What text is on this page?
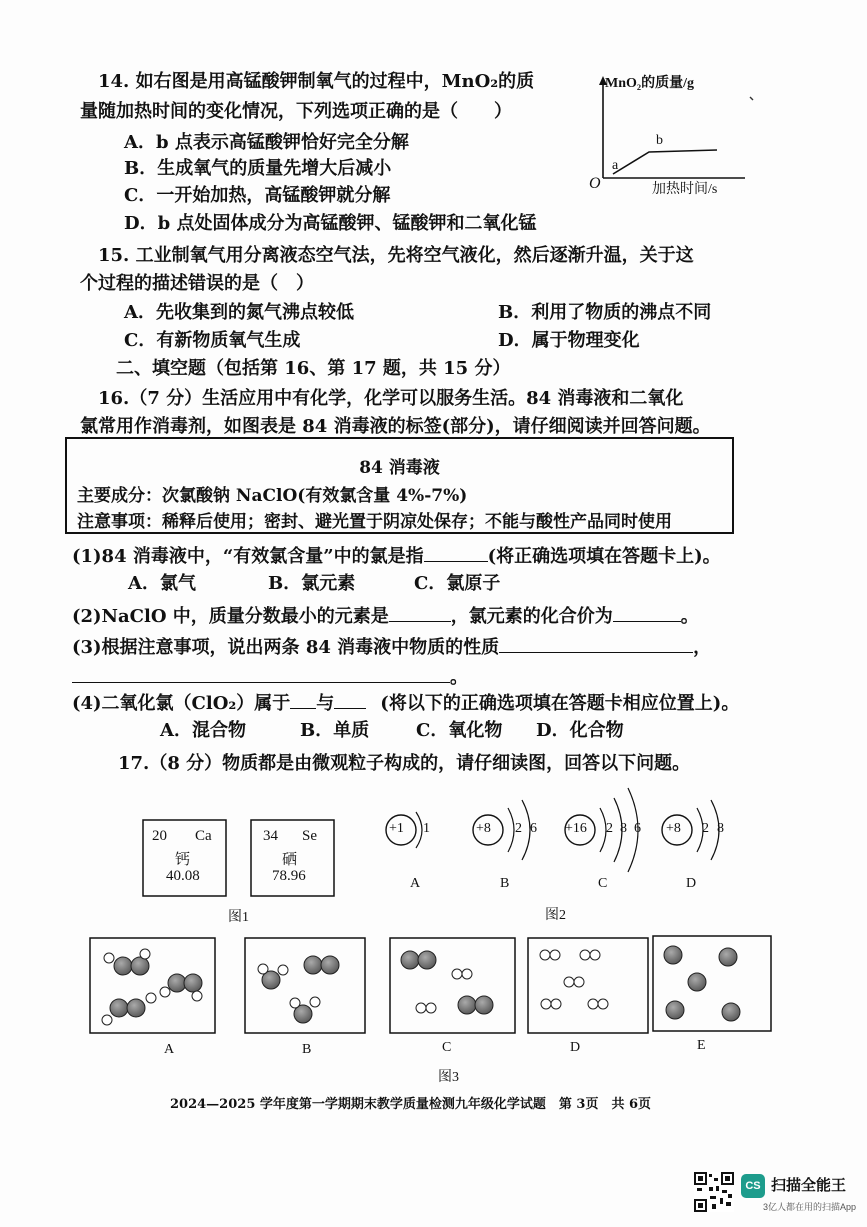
14. 如右图是用高锰酸钾制氧气的过程中，MnO₂的质
量随加热时间的变化情况，下列选项正确的是（　　）
A．b 点表示高锰酸钾恰好完全分解
B．生成氧气的质量先增大后减小
C．一开始加热，高锰酸钾就分解
D．b 点处固体成分为高锰酸钾、锰酸钾和二氧化锰
MnO₂的质量/g
加热时间/s
O
a
b
15. 工业制氧气用分离液态空气法，先将空气液化，然后逐渐升温，关于这
个过程的描述错误的是（　）
A．先收集到的氮气沸点较低	B．利用了物质的沸点不同
C．有新物质氧气生成	D．属于物理变化
二、填空题（包括第 16、第 17 题，共 15 分）
16.（7 分）生活应用中有化学，化学可以服务生活。84 消毒液和二氧化
氯常用作消毒剂，如图表是 84 消毒液的标签(部分)，请仔细阅读并回答问题。
84 消毒液
主要成分：次氯酸钠 NaClO(有效氯含量 4%-7%)
注意事项：稀释后使用；密封、避光置于阴凉处保存；不能与酸性产品同时使用
(1)84 消毒液中，“有效氯含量”中的氯是指	(将正确选项填在答题卡上)。
A．氯气	B．氯元素	C．氯原子
(2)NaClO 中，质量分数最小的元素是	，氯元素的化合价为	。
(3)根据注意事项，说出两条 84 消毒液中物质的性质	，
。
(4)二氧化氯（ClO₂）属于 与	(将以下的正确选项填在答题卡相应位置上)。
A．混合物	B．单质	C．氧化物 D．化合物
17.（8 分）物质都是由微观粒子构成的，请仔细读图，回答以下问题。
20 Ca
钙
40.08
34 Se
硒
78.96
图1
+1 1	+8 2 6 +16 2 8 6 +8 2 8
A	B	C	D
图2
A	B	C	D	E
图3
2024—2025 学年度第一学期期末教学质量检测九年级化学试题　第 3页　共 6页
CS 扫描全能王
3亿人都在用的扫描App
